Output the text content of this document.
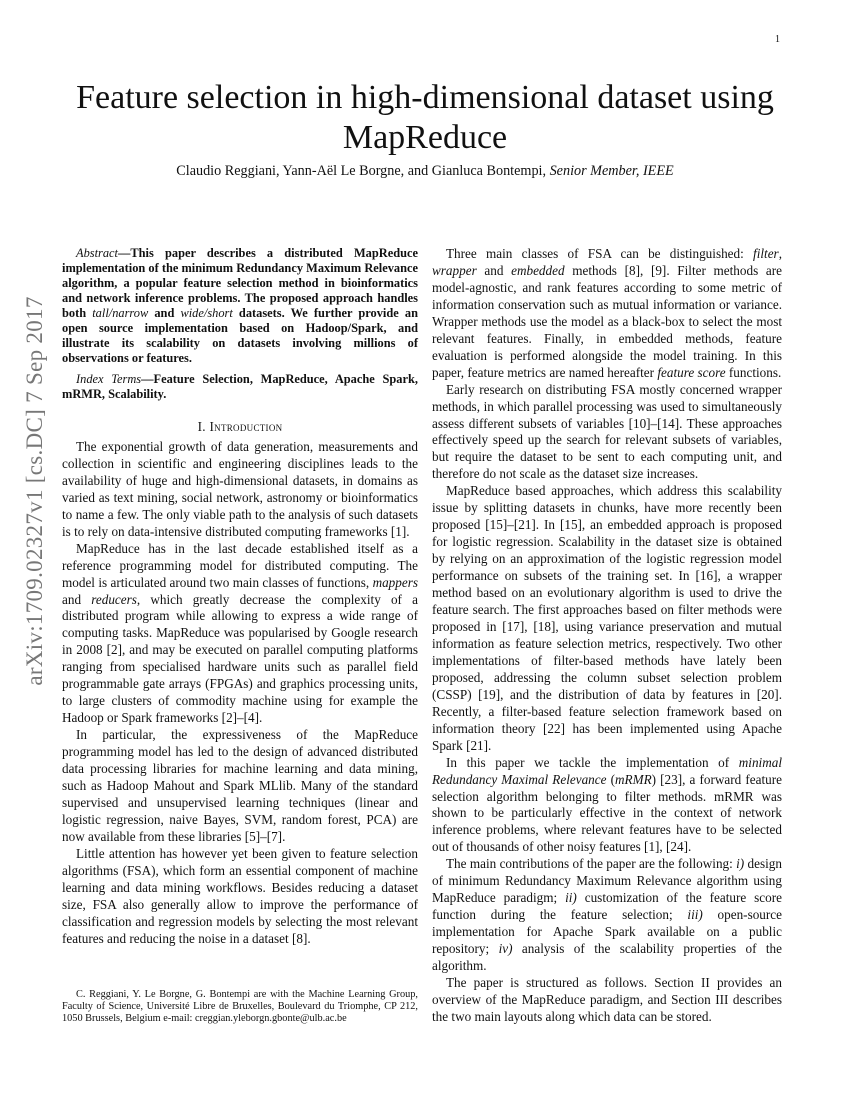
1
arXiv:1709.02327v1 [cs.DC] 7 Sep 2017
Feature selection in high-dimensional dataset using MapReduce
Claudio Reggiani, Yann-Aël Le Borgne, and Gianluca Bontempi, Senior Member, IEEE

Abstract—This paper describes a distributed MapReduce implementation of the minimum Redundancy Maximum Relevance algorithm, a popular feature selection method in bioinformatics and network inference problems. The proposed approach handles both tall/narrow and wide/short datasets. We further provide an open source implementation based on Hadoop/Spark, and illustrate its scalability on datasets involving millions of observations or features.

Index Terms—Feature Selection, MapReduce, Apache Spark, mRMR, Scalability.

I. Introduction

The exponential growth of data generation, measurements and collection in scientific and engineering disciplines leads to the availability of huge and high-dimensional datasets, in domains as varied as text mining, social network, astronomy or bioinformatics to name a few. The only viable path to the analysis of such datasets is to rely on data-intensive distributed computing frameworks [1].

MapReduce has in the last decade established itself as a reference programming model for distributed computing. The model is articulated around two main classes of functions, mappers and reducers, which greatly decrease the complexity of a distributed program while allowing to express a wide range of computing tasks. MapReduce was popularised by Google research in 2008 [2], and may be executed on parallel computing platforms ranging from specialised hardware units such as parallel field programmable gate arrays (FPGAs) and graphics processing units, to large clusters of commodity machine using for example the Hadoop or Spark frameworks [2]–[4].

In particular, the expressiveness of the MapReduce programming model has led to the design of advanced distributed data processing libraries for machine learning and data mining, such as Hadoop Mahout and Spark MLlib. Many of the standard supervised and unsupervised learning techniques (linear and logistic regression, naive Bayes, SVM, random forest, PCA) are now available from these libraries [5]–[7].

Little attention has however yet been given to feature selection algorithms (FSA), which form an essential component of machine learning and data mining workflows. Besides reducing a dataset size, FSA also generally allow to improve the performance of classification and regression models by selecting the most relevant features and reducing the noise in a dataset [8].

C. Reggiani, Y. Le Borgne, G. Bontempi are with the Machine Learning Group, Faculty of Science, Université Libre de Bruxelles, Boulevard du Triomphe, CP 212, 1050 Brussels, Belgium e-mail: creggian.yleborgn.gbonte@ulb.ac.be

Three main classes of FSA can be distinguished: filter, wrapper and embedded methods [8], [9]. Filter methods are model-agnostic, and rank features according to some metric of information conservation such as mutual information or variance. Wrapper methods use the model as a black-box to select the most relevant features. Finally, in embedded methods, feature evaluation is performed alongside the model training. In this paper, feature metrics are named hereafter feature score functions.

Early research on distributing FSA mostly concerned wrapper methods, in which parallel processing was used to simultaneously assess different subsets of variables [10]–[14]. These approaches effectively speed up the search for relevant subsets of variables, but require the dataset to be sent to each computing unit, and therefore do not scale as the dataset size increases.

MapReduce based approaches, which address this scalability issue by splitting datasets in chunks, have more recently been proposed [15]–[21]. In [15], an embedded approach is proposed for logistic regression. Scalability in the dataset size is obtained by relying on an approximation of the logistic regression model performance on subsets of the training set. In [16], a wrapper method based on an evolutionary algorithm is used to drive the feature search. The first approaches based on filter methods were proposed in [17], [18], using variance preservation and mutual information as feature selection metrics, respectively. Two other implementations of filter-based methods have lately been proposed, addressing the column subset selection problem (CSSP) [19], and the distribution of data by features in [20]. Recently, a filter-based feature selection framework based on information theory [22] has been implemented using Apache Spark [21].

In this paper we tackle the implementation of minimal Redundancy Maximal Relevance (mRMR) [23], a forward feature selection algorithm belonging to filter methods. mRMR was shown to be particularly effective in the context of network inference problems, where relevant features have to be selected out of thousands of other noisy features [1], [24].

The main contributions of the paper are the following: i) design of minimum Redundancy Maximum Relevance algorithm using MapReduce paradigm; ii) customization of the feature score function during the feature selection; iii) open-source implementation for Apache Spark available on a public repository; iv) analysis of the scalability properties of the algorithm.

The paper is structured as follows. Section II provides an overview of the MapReduce paradigm, and Section III describes the two main layouts along which data can be stored.
